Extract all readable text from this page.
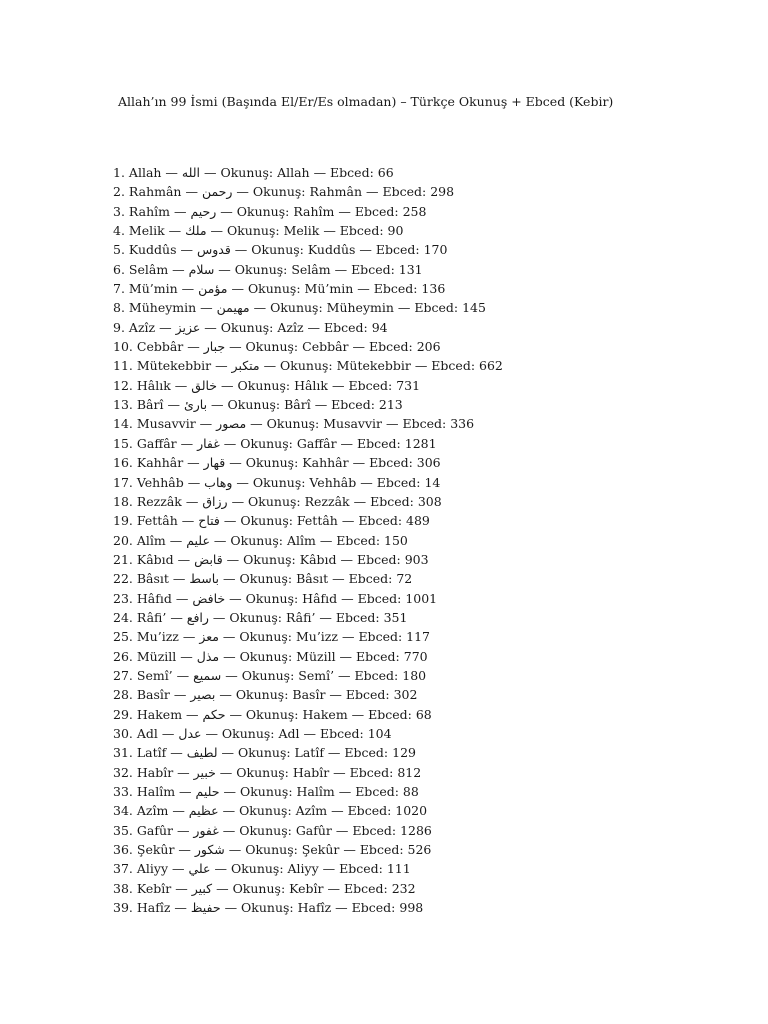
Allah’ın 99 İsmi (Başında El/Er/Es olmadan) – Türkçe Okunuş + Ebced (Kebir)
1. Allah — الله — Okunuş: Allah — Ebced: 66
2. Rahmân — رحمن — Okunuş: Rahmân — Ebced: 298
3. Rahîm — رحيم — Okunuş: Rahîm — Ebced: 258
4. Melik — ملك — Okunuş: Melik — Ebced: 90
5. Kuddûs — قدوس — Okunuş: Kuddûs — Ebced: 170
6. Selâm — سلام — Okunuş: Selâm — Ebced: 131
7. Mü’min — مؤمن — Okunuş: Mü’min — Ebced: 136
8. Müheymin — مهيمن — Okunuş: Müheymin — Ebced: 145
9. Azîz — عزيز — Okunuş: Azîz — Ebced: 94
10. Cebbâr — جبار — Okunuş: Cebbâr — Ebced: 206
11. Mütekebbir — متكبر — Okunuş: Mütekebbir — Ebced: 662
12. Hâlık — خالق — Okunuş: Hâlık — Ebced: 731
13. Bârî — بارئ — Okunuş: Bârî — Ebced: 213
14. Musavvir — مصور — Okunuş: Musavvir — Ebced: 336
15. Gaffâr — غفار — Okunuş: Gaffâr — Ebced: 1281
16. Kahhâr — قهار — Okunuş: Kahhâr — Ebced: 306
17. Vehhâb — وهاب — Okunuş: Vehhâb — Ebced: 14
18. Rezzâk — رزاق — Okunuş: Rezzâk — Ebced: 308
19. Fettâh — فتاح — Okunuş: Fettâh — Ebced: 489
20. Alîm — عليم — Okunuş: Alîm — Ebced: 150
21. Kâbıd — قابض — Okunuş: Kâbıd — Ebced: 903
22. Bâsıt — باسط — Okunuş: Bâsıt — Ebced: 72
23. Hâfıd — خافض — Okunuş: Hâfıd — Ebced: 1001
24. Râfi’ — رافع — Okunuş: Râfi’ — Ebced: 351
25. Mu’izz — معز — Okunuş: Mu’izz — Ebced: 117
26. Müzill — مذل — Okunuş: Müzill — Ebced: 770
27. Semî’ — سميع — Okunuş: Semî’ — Ebced: 180
28. Basîr — بصير — Okunuş: Basîr — Ebced: 302
29. Hakem — حكم — Okunuş: Hakem — Ebced: 68
30. Adl — عدل — Okunuş: Adl — Ebced: 104
31. Latîf — لطيف — Okunuş: Latîf — Ebced: 129
32. Habîr — خبير — Okunuş: Habîr — Ebced: 812
33. Halîm — حليم — Okunuş: Halîm — Ebced: 88
34. Azîm — عظيم — Okunuş: Azîm — Ebced: 1020
35. Gafûr — غفور — Okunuş: Gafûr — Ebced: 1286
36. Şekûr — شكور — Okunuş: Şekûr — Ebced: 526
37. Aliyy — علي — Okunuş: Aliyy — Ebced: 111
38. Kebîr — كبير — Okunuş: Kebîr — Ebced: 232
39. Hafîz — حفيظ — Okunuş: Hafîz — Ebced: 998
